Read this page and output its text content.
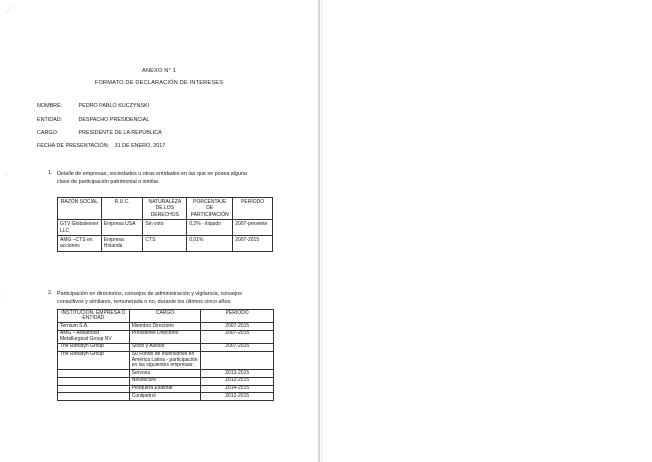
⋰ ·
⁘
⁚
ANEXO N° 1
FORMATO DE DECLARACIÓN DE INTERESES
NOMBRE:	PEDRO PABLO KUCZYNSKI
ENTIDAD:	DESPACHO PRESIDENCIAL
CARGO:	PRESIDENTE DE LA REPÚBLICA
FECHA DE PRESENTACIÓN: 31 DE ENERO, 2017
1. Detalle de empresas, sociedades u otras entidades en las que se posea alguna
clase de participación patrimonial o similar.
RAZÓN SOCIAL	R.U.C.	NATURALEZA DE LOS DERECHOS	PORCENTAJE DE PARTICIPACIÓN	PERÍODO
GTV Globalexnet LLC	Empresa USA	Sin voto	0,2% - ilíquido	2007-presente
AMG –CTS en acciones	Empresa Holanda	CTS	0,01%	2007-2015
2. Participación en directorios, consejos de administración y vigilancia, consejos
consultivos y similares, remunerada o no, durante los últimos cinco años.
INSTITUCION, EMPRESA O ENTIDAD	CARGO	PERÍODO
Ternium S.A.	Miembro Directorio	2007-2015
AMG – Advanced Metallurgical Group NV	Presidente Directorio	2007-2015
The Rohatyn Group	Socio y Asesor	2007-2015
The Rohatyn Group	Su Fondo de Inversiones en América Latina - participación en las siguientes empresas:	
	Servosa	2013-2015
	Neosecure	2012-2015
	Pesquera Exalmar	2014-2015
	Conlipetrol	2012-2015
